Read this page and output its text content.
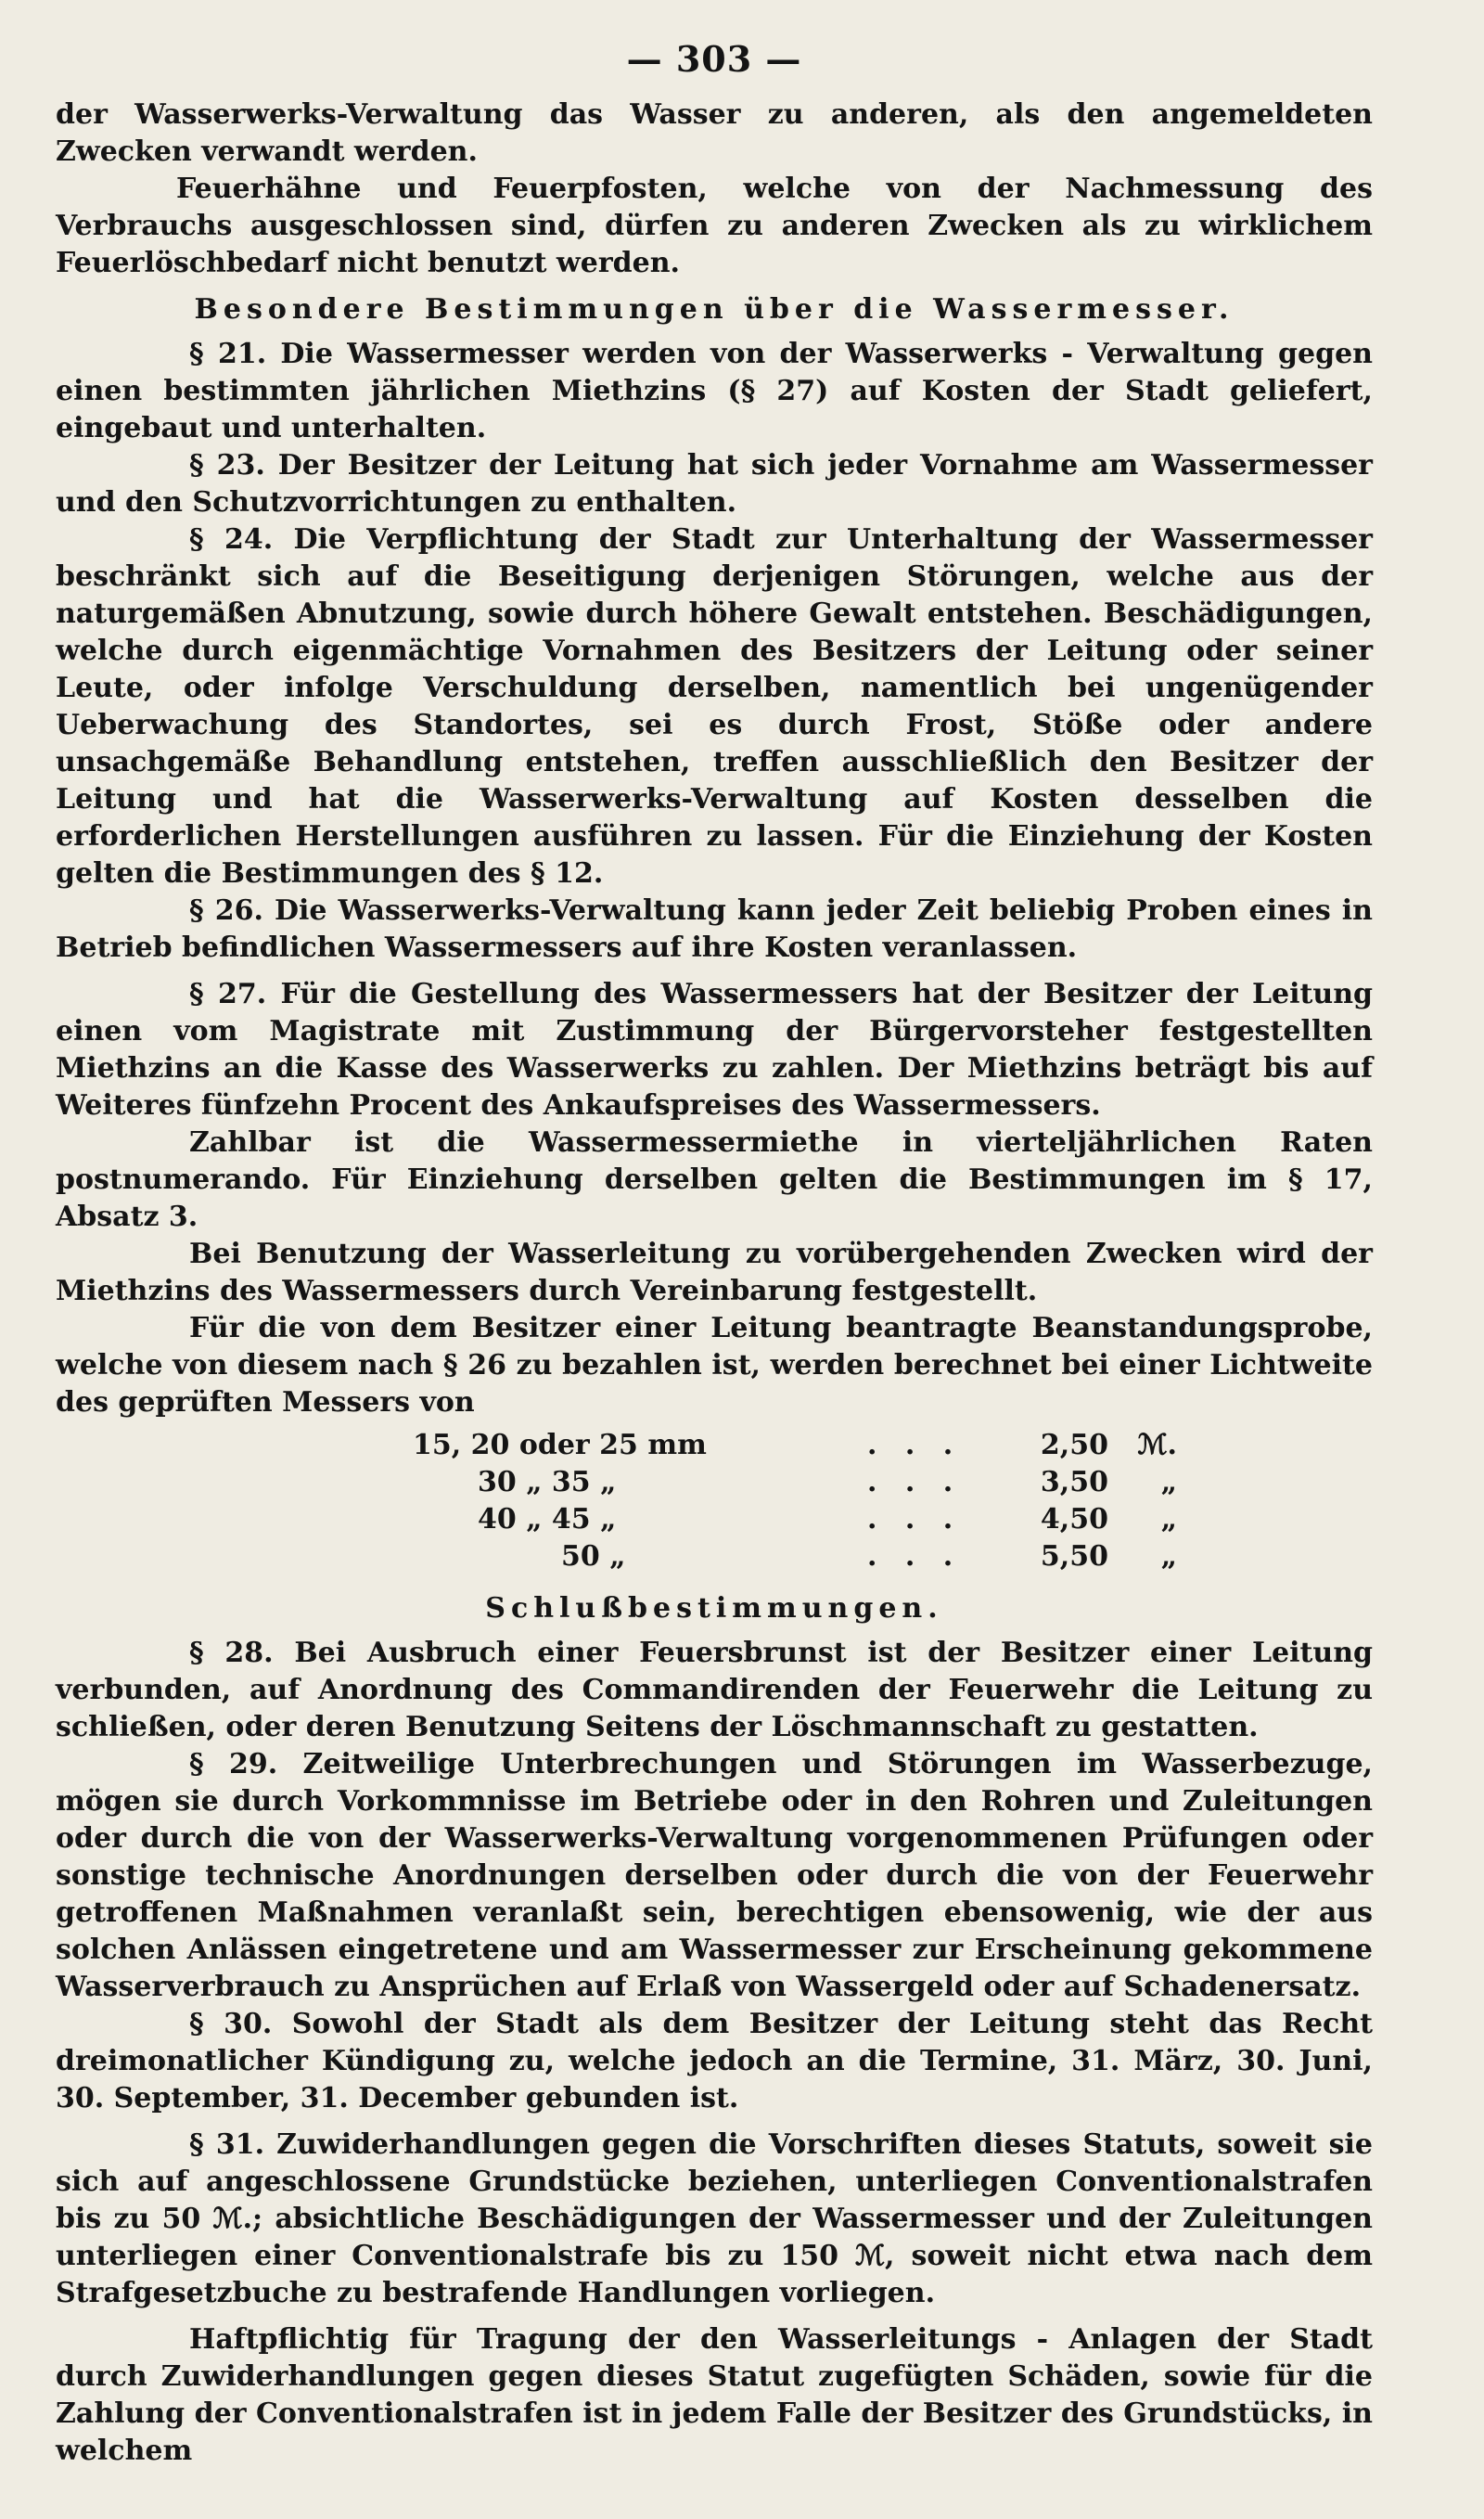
— 303 —

der Wasserwerks-Verwaltung das Wasser zu anderen, als den angemeldeten Zwecken verwandt werden.

Feuerhähne und Feuerpfosten, welche von der Nachmessung des Verbrauchs ausgeschlossen sind, dürfen zu anderen Zwecken als zu wirklichem Feuerlöschbedarf nicht benutzt werden.

Besondere Bestimmungen über die Wassermesser.

§ 21. Die Wassermesser werden von der Wasserwerks - Verwaltung gegen einen bestimmten jährlichen Miethzins (§ 27) auf Kosten der Stadt geliefert, eingebaut und unterhalten.

§ 23. Der Besitzer der Leitung hat sich jeder Vornahme am Wassermesser und den Schutzvorrichtungen zu enthalten.

§ 24. Die Verpflichtung der Stadt zur Unterhaltung der Wassermesser beschränkt sich auf die Beseitigung derjenigen Störungen, welche aus der naturgemäßen Abnutzung, sowie durch höhere Gewalt entstehen. Beschädigungen, welche durch eigenmächtige Vornahmen des Besitzers der Leitung oder seiner Leute, oder infolge Verschuldung derselben, namentlich bei ungenügender Ueberwachung des Standortes, sei es durch Frost, Stöße oder andere unsachgemäße Behandlung entstehen, treffen ausschließlich den Besitzer der Leitung und hat die Wasserwerks-Verwaltung auf Kosten desselben die erforderlichen Herstellungen ausführen zu lassen. Für die Einziehung der Kosten gelten die Bestimmungen des § 12.

§ 26. Die Wasserwerks-Verwaltung kann jeder Zeit beliebig Proben eines in Betrieb befindlichen Wassermessers auf ihre Kosten veranlassen.

§ 27. Für die Gestellung des Wassermessers hat der Besitzer der Leitung einen vom Magistrate mit Zustimmung der Bürgervorsteher festgestellten Miethzins an die Kasse des Wasserwerks zu zahlen. Der Miethzins beträgt bis auf Weiteres fünfzehn Procent des Ankaufspreises des Wassermessers.

Zahlbar ist die Wassermessermiethe in vierteljährlichen Raten postnumerando. Für Einziehung derselben gelten die Bestimmungen im § 17, Absatz 3.

Bei Benutzung der Wasserleitung zu vorübergehenden Zwecken wird der Miethzins des Wassermessers durch Vereinbarung festgestellt.

Für die von dem Besitzer einer Leitung beantragte Beanstandungsprobe, welche von diesem nach § 26 zu bezahlen ist, werden berechnet bei einer Lichtweite des geprüften Messers von

15, 20 oder 25 mm	. . .	2,50	ℳ.
30 „ 35 „	. . .	3,50	„
40 „ 45 „	. . .	4,50	„
50 „	. . .	5,50	„
Schlußbestimmungen.

§ 28. Bei Ausbruch einer Feuersbrunst ist der Besitzer einer Leitung verbunden, auf Anordnung des Commandirenden der Feuerwehr die Leitung zu schließen, oder deren Benutzung Seitens der Löschmannschaft zu gestatten.

§ 29. Zeitweilige Unterbrechungen und Störungen im Wasserbezuge, mögen sie durch Vorkommnisse im Betriebe oder in den Rohren und Zuleitungen oder durch die von der Wasserwerks-Verwaltung vorgenommenen Prüfungen oder sonstige technische Anordnungen derselben oder durch die von der Feuerwehr getroffenen Maßnahmen veranlaßt sein, berechtigen ebensowenig, wie der aus solchen Anlässen eingetretene und am Wassermesser zur Erscheinung gekommene Wasserverbrauch zu Ansprüchen auf Erlaß von Wassergeld oder auf Schadenersatz.

§ 30. Sowohl der Stadt als dem Besitzer der Leitung steht das Recht dreimonatlicher Kündigung zu, welche jedoch an die Termine, 31. März, 30. Juni, 30. September, 31. December gebunden ist.

§ 31. Zuwiderhandlungen gegen die Vorschriften dieses Statuts, soweit sie sich auf angeschlossene Grundstücke beziehen, unterliegen Conventionalstrafen bis zu 50 ℳ.; absichtliche Beschädigungen der Wassermesser und der Zuleitungen unterliegen einer Conventionalstrafe bis zu 150 ℳ, soweit nicht etwa nach dem Strafgesetzbuche zu bestrafende Handlungen vorliegen.

Haftpflichtig für Tragung der den Wasserleitungs - Anlagen der Stadt durch Zuwiderhandlungen gegen dieses Statut zugefügten Schäden, sowie für die Zahlung der Conventionalstrafen ist in jedem Falle der Besitzer des Grundstücks, in welchem
